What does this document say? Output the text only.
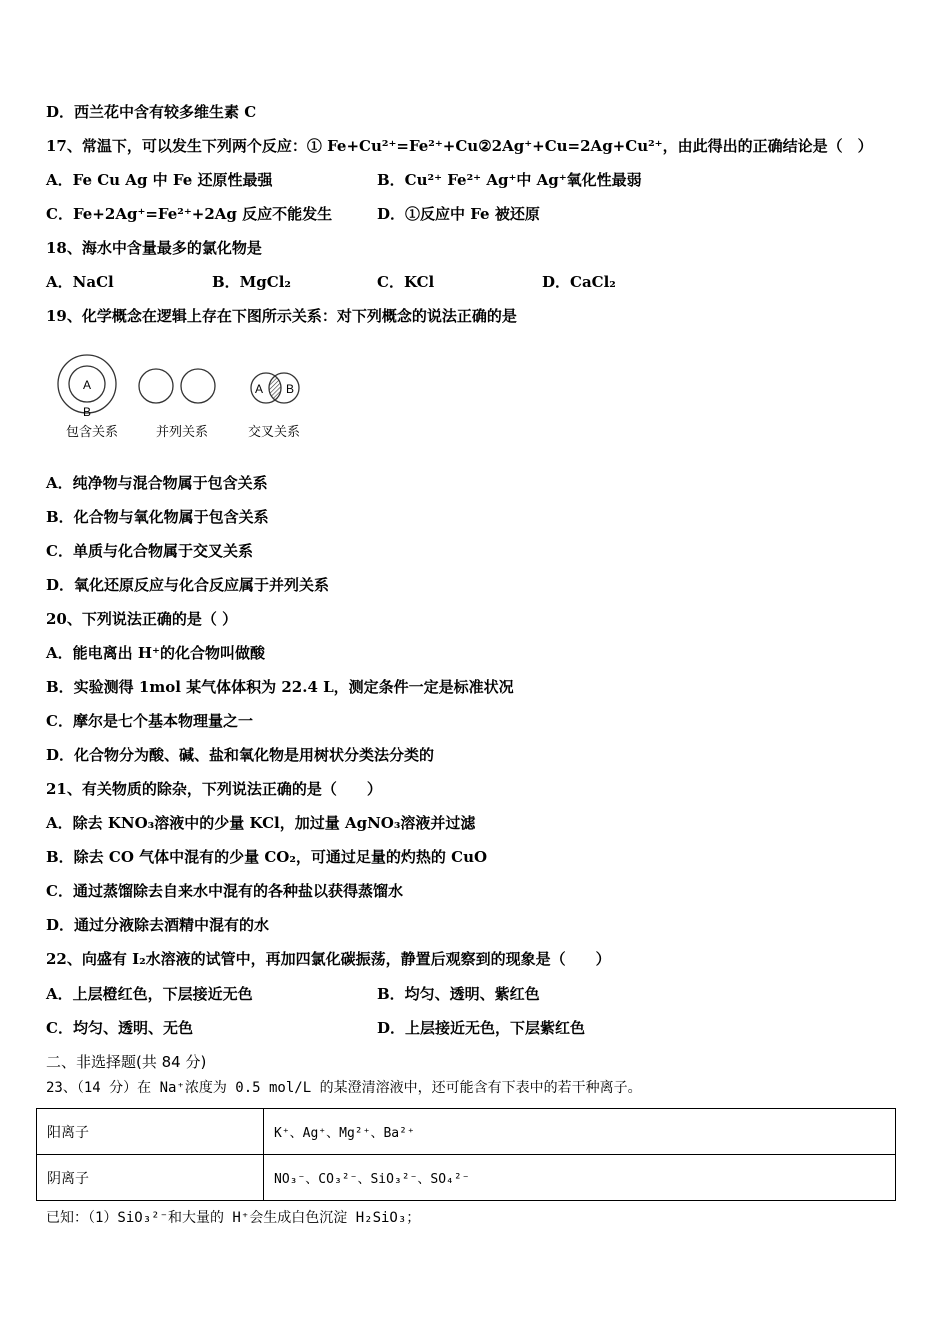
D．西兰花中含有较多维生素 C
17、常温下，可以发生下列两个反应：① Fe+Cu²⁺=Fe²⁺+Cu②2Ag⁺+Cu=2Ag+Cu²⁺，由此得出的正确结论是（　）
A．Fe Cu Ag 中 Fe 还原性最强	B．Cu²⁺ Fe²⁺ Ag⁺中 Ag⁺氧化性最弱
C．Fe+2Ag⁺=Fe²⁺+2Ag 反应不能发生	D．①反应中 Fe 被还原
18、海水中含量最多的氯化物是
A．NaCl	B．MgCl₂	C．KCl	D．CaCl₂
19、化学概念在逻辑上存在下图所示关系：对下列概念的说法正确的是
A
B
A B
包含关系	并列关系	交叉关系
A．纯净物与混合物属于包含关系
B．化合物与氧化物属于包含关系
C．单质与化合物属于交叉关系
D．氧化还原反应与化合反应属于并列关系
20、下列说法正确的是（ ）
A．能电离出 H⁺的化合物叫做酸
B．实验测得 1mol 某气体体积为 22.4 L，测定条件一定是标准状况
C．摩尔是七个基本物理量之一
D．化合物分为酸、碱、盐和氧化物是用树状分类法分类的
21、有关物质的除杂，下列说法正确的是（　　）
A．除去 KNO₃溶液中的少量 KCl，加过量 AgNO₃溶液并过滤
B．除去 CO 气体中混有的少量 CO₂，可通过足量的灼热的 CuO
C．通过蒸馏除去自来水中混有的各种盐以获得蒸馏水
D．通过分液除去酒精中混有的水
22、向盛有 I₂水溶液的试管中，再加四氯化碳振荡，静置后观察到的现象是（　　）
A．上层橙红色，下层接近无色	B．均匀、透明、紫红色
C．均匀、透明、无色	D．上层接近无色，下层紫红色
二、非选择题(共 84 分)
23、（14 分）在 Na⁺浓度为 0.5 mol/L 的某澄清溶液中，还可能含有下表中的若干种离子。
阳离子	K⁺、Ag⁺、Mg²⁺、Ba²⁺
阴离子	NO₃⁻、CO₃²⁻、SiO₃²⁻、SO₄²⁻
已知：（1）SiO₃²⁻和大量的 H⁺会生成白色沉淀 H₂SiO₃；
